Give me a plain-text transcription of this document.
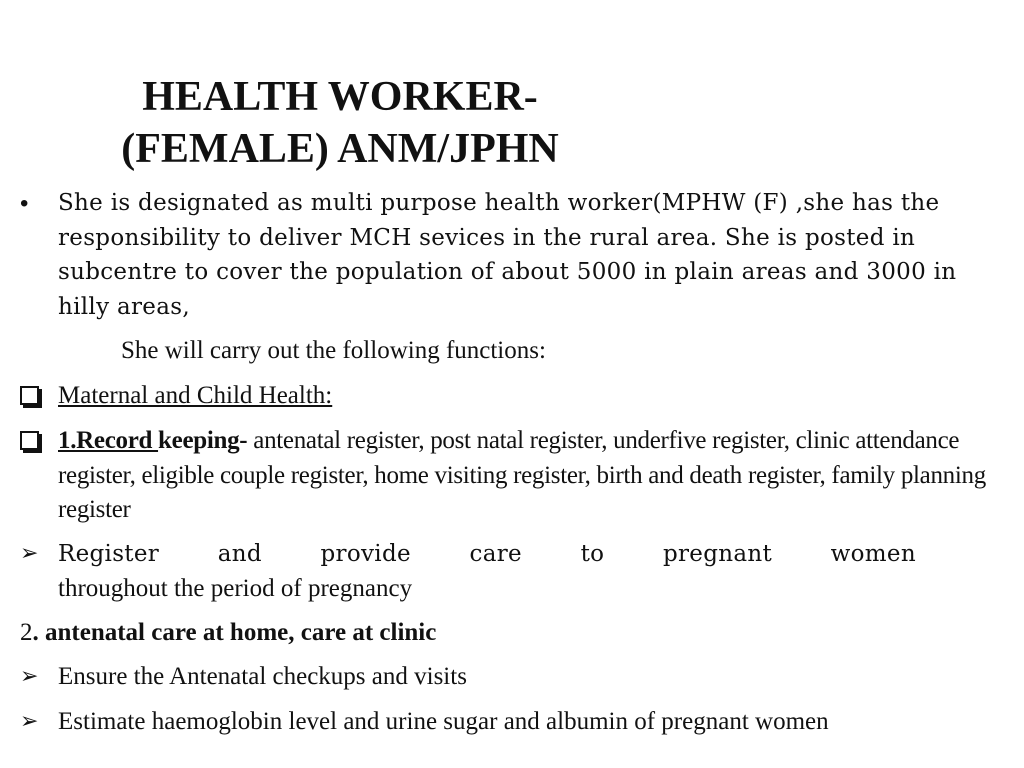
HEALTH WORKER-
(FEMALE) ANM/JPHN
• She is designated as multi purpose health worker(MPHW (F) ,she has the responsibility to deliver MCH sevices in the rural area. She is posted in subcentre to cover the population of about 5000 in plain areas and 3000 in hilly areas,

She will carry out the following functions:

Maternal and Child Health:

1.Record keeping- antenatal register, post natal register, underfive register, clinic attendance register, eligible couple register, home visiting register, birth and death register, family planning register

➢ Register	and	provide	care	to	pregnant	women
throughout the period of pregnancy

2. antenatal care at home, care at clinic

➢ Ensure the Antenatal checkups and visits

➢ Estimate haemoglobin level and urine sugar and albumin of pregnant women
